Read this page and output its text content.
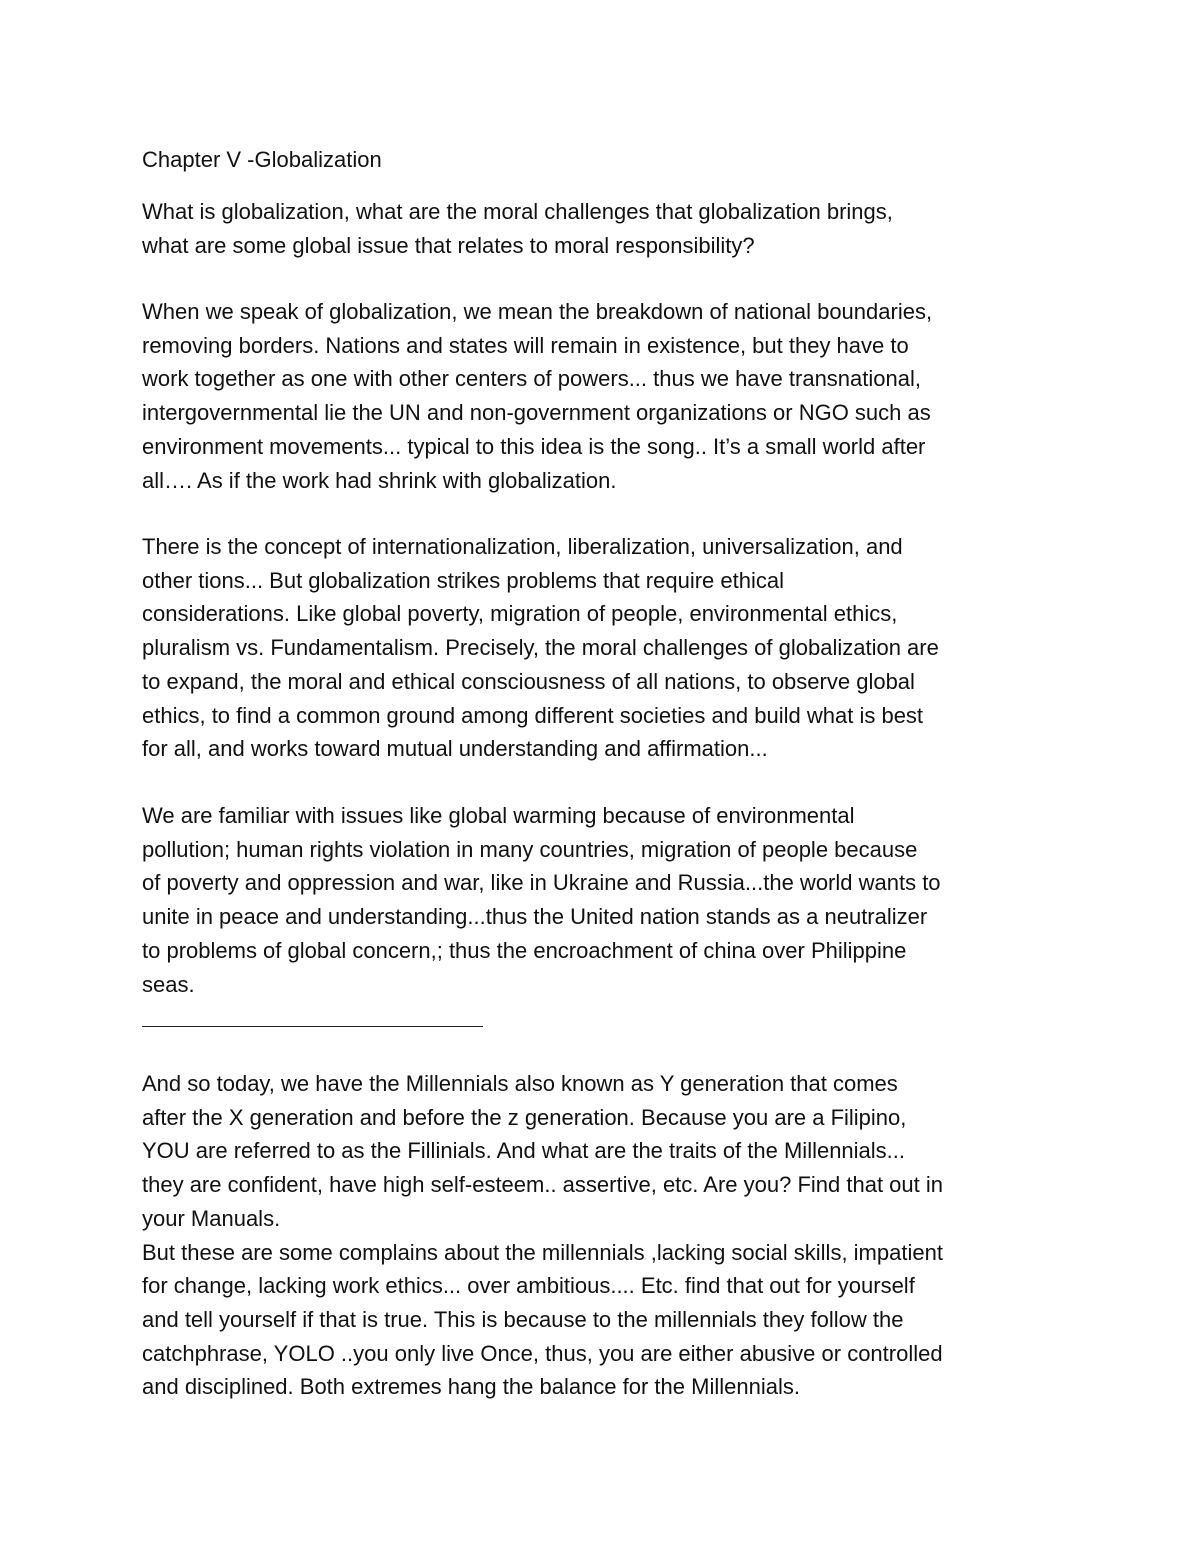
Chapter V -Globalization
What is globalization, what are the moral challenges that globalization brings,
what are some global issue that relates to moral responsibility?
When we speak of globalization, we mean the breakdown of national boundaries,
removing borders. Nations and states will remain in existence, but they have to
work together as one with other centers of powers... thus we have transnational,
intergovernmental lie the UN and non-government organizations or NGO such as
environment movements... typical to this idea is the song.. It’s a small world after
all…. As if the work had shrink with globalization.
There is the concept of internationalization, liberalization, universalization, and
other tions... But globalization strikes problems that require ethical
considerations. Like global poverty, migration of people, environmental ethics,
pluralism vs. Fundamentalism. Precisely, the moral challenges of globalization are
to expand, the moral and ethical consciousness of all nations, to observe global
ethics, to find a common ground among different societies and build what is best
for all, and works toward mutual understanding and affirmation...
We are familiar with issues like global warming because of environmental
pollution; human rights violation in many countries, migration of people because
of poverty and oppression and war, like in Ukraine and Russia...the world wants to
unite in peace and understanding...thus the United nation stands as a neutralizer
to problems of global concern,; thus the encroachment of china over Philippine
seas.
And so today, we have the Millennials also known as Y generation that comes
after the X generation and before the z generation. Because you are a Filipino,
YOU are referred to as the Fillinials. And what are the traits of the Millennials...
they are confident, have high self-esteem.. assertive, etc. Are you? Find that out in
your Manuals.
But these are some complains about the millennials ,lacking social skills, impatient
for change, lacking work ethics... over ambitious.... Etc. find that out for yourself
and tell yourself if that is true. This is because to the millennials they follow the
catchphrase, YOLO ..you only live Once, thus, you are either abusive or controlled
and disciplined. Both extremes hang the balance for the Millennials.
